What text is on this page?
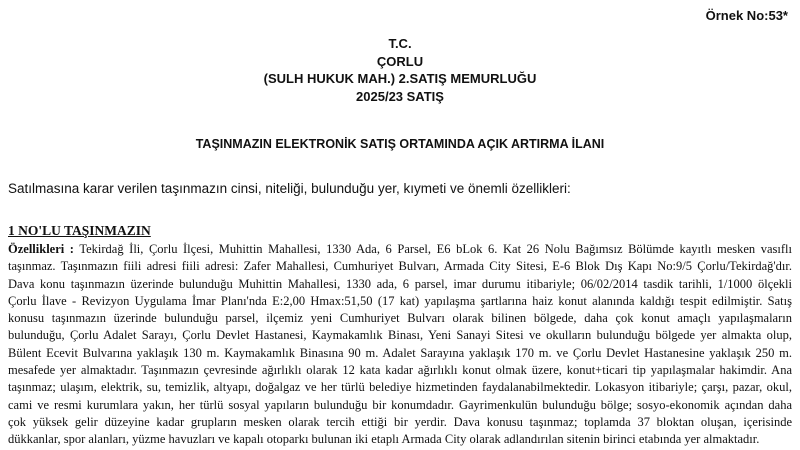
Örnek No:53*
T.C.
ÇORLU
(SULH HUKUK MAH.) 2.SATIŞ MEMURLUĞU
2025/23 SATIŞ
TAŞINMAZIN ELEKTRONİK SATIŞ ORTAMINDA AÇIK ARTIRMA İLANI
Satılmasına karar verilen taşınmazın cinsi, niteliği, bulunduğu yer, kıymeti ve önemli özellikleri:
1 NO'LU TAŞINMAZIN
Özellikleri : Tekirdağ İli, Çorlu İlçesi, Muhittin Mahallesi, 1330 Ada, 6 Parsel, E6 bLok 6. Kat 26 Nolu Bağımsız Bölümde kayıtlı mesken vasıflı
taşınmaz. Taşınmazın fiili adresi fiili adresi: Zafer Mahallesi, Cumhuriyet Bulvarı, Armada City Sitesi, E-6 Blok Dış Kapı No:9/5 Çorlu/Tekirdağ'dır.
Dava konu taşınmazın üzerinde bulunduğu Muhittin Mahallesi, 1330 ada, 6 parsel, imar durumu itibariyle; 06/02/2014 tasdik tarihli, 1/1000 ölçekli
Çorlu İlave - Revizyon Uygulama İmar Planı'nda E:2,00 Hmax:51,50 (17 kat) yapılaşma şartlarına haiz konut alanında kaldığı tespit edilmiştir. Satış
konusu taşınmazın üzerinde bulunduğu parsel, ilçemiz yeni Cumhuriyet Bulvarı olarak bilinen bölgede, daha çok konut amaçlı yapılaşmaların
bulunduğu, Çorlu Adalet Sarayı, Çorlu Devlet Hastanesi, Kaymakamlık Binası, Yeni Sanayi Sitesi ve okulların bulunduğu bölgede yer almakta olup,
Bülent Ecevit Bulvarına yaklaşık 130 m. Kaymakamlık Binasına 90 m. Adalet Sarayına yaklaşık 170 m. ve Çorlu Devlet Hastanesine yaklaşık 250 m.
mesafede yer almaktadır. Taşınmazın çevresinde ağırlıklı olarak 12 kata kadar ağırlıklı konut olmak üzere, konut+ticari tip yapılaşmalar hakimdir. Ana
taşınmaz; ulaşım, elektrik, su, temizlik, altyapı, doğalgaz ve her türlü belediye hizmetinden faydalanabilmektedir. Lokasyon itibariyle; çarşı, pazar, okul,
cami ve resmi kurumlara yakın, her türlü sosyal yapıların bulunduğu bir konumdadır. Gayrimenkulün bulunduğu bölge; sosyo-ekonomik açından daha
çok yüksek gelir düzeyine kadar grupların mesken olarak tercih ettiği bir yerdir. Dava konusu taşınmaz; toplamda 37 bloktan oluşan, içerisinde
dükkanlar, spor alanları, yüzme havuzları ve kapalı otoparkı bulunan iki etaplı Armada City olarak adlandırılan sitenin birinci etabında yer almaktadır.
